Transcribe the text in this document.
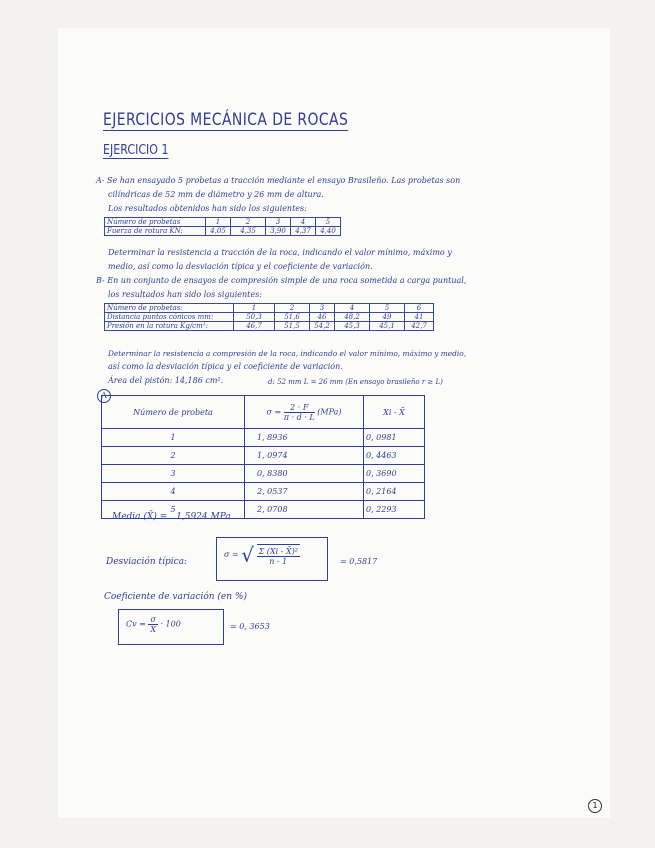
EJERCICIOS MECÁNICA DE ROCAS
EJERCICIO 1
A- Se han ensayado 5 probetas a tracción mediante el ensayo Brasileño. Las probetas son
cilíndricas de 52 mm de diámetro y 26 mm de altura.
Los resultados obtenidos han sido los siguientes:
Número de probetas	1	2	3	4	5
Fuerza de rotura KN:	4,05	4,35	3,90	4,37	4,40
Determinar la resistencia a tracción de la roca, indicando el valor mínimo, máximo y
medio, así como la desviación típica y el coeficiente de variación.
B- En un conjunto de ensayos de compresión simple de una roca sometida a carga puntual,
los resultados han sido los siguientes:
Número de probetas:	1	2	3	4	5	6
Distancia puntos cónicos mm:	50,3	51,6	46	48,2	49	41
Presión en la rotura Kg/cm²:	46,7	51,5	54,2	45,3	45,1	42,7
Determinar la resistencia a compresión de la roca, indicando el valor mínimo, máximo y medio,
así como la desviación típica y el coeficiente de variación.
Área del pistón: 14,186 cm².	d: 52 mm L = 26 mm (En ensayo brasileño r ≥ L)
A
Número de probeta	$\sigma = \frac{2 \cdot F}{\pi \cdot d \cdot L} (MPa)$	Xi - X̄
1	1, 8936	0, 0981
2	1, 0974	0, 4463
3	0, 8380	0, 3690
4	2, 0537	0, 2164
5	2, 0708	0, 2293
Media (X̄) = 1,5924 MPa
Desviación típica:
σ = √ $\frac{\text{Σ (Xi - X̄)²}}{n - 1}$	= 0,5817
Coeficiente de variación (en %)
$Cv = \frac{\sigma}{X̄} \cdot 100$	= 0, 3653
1
